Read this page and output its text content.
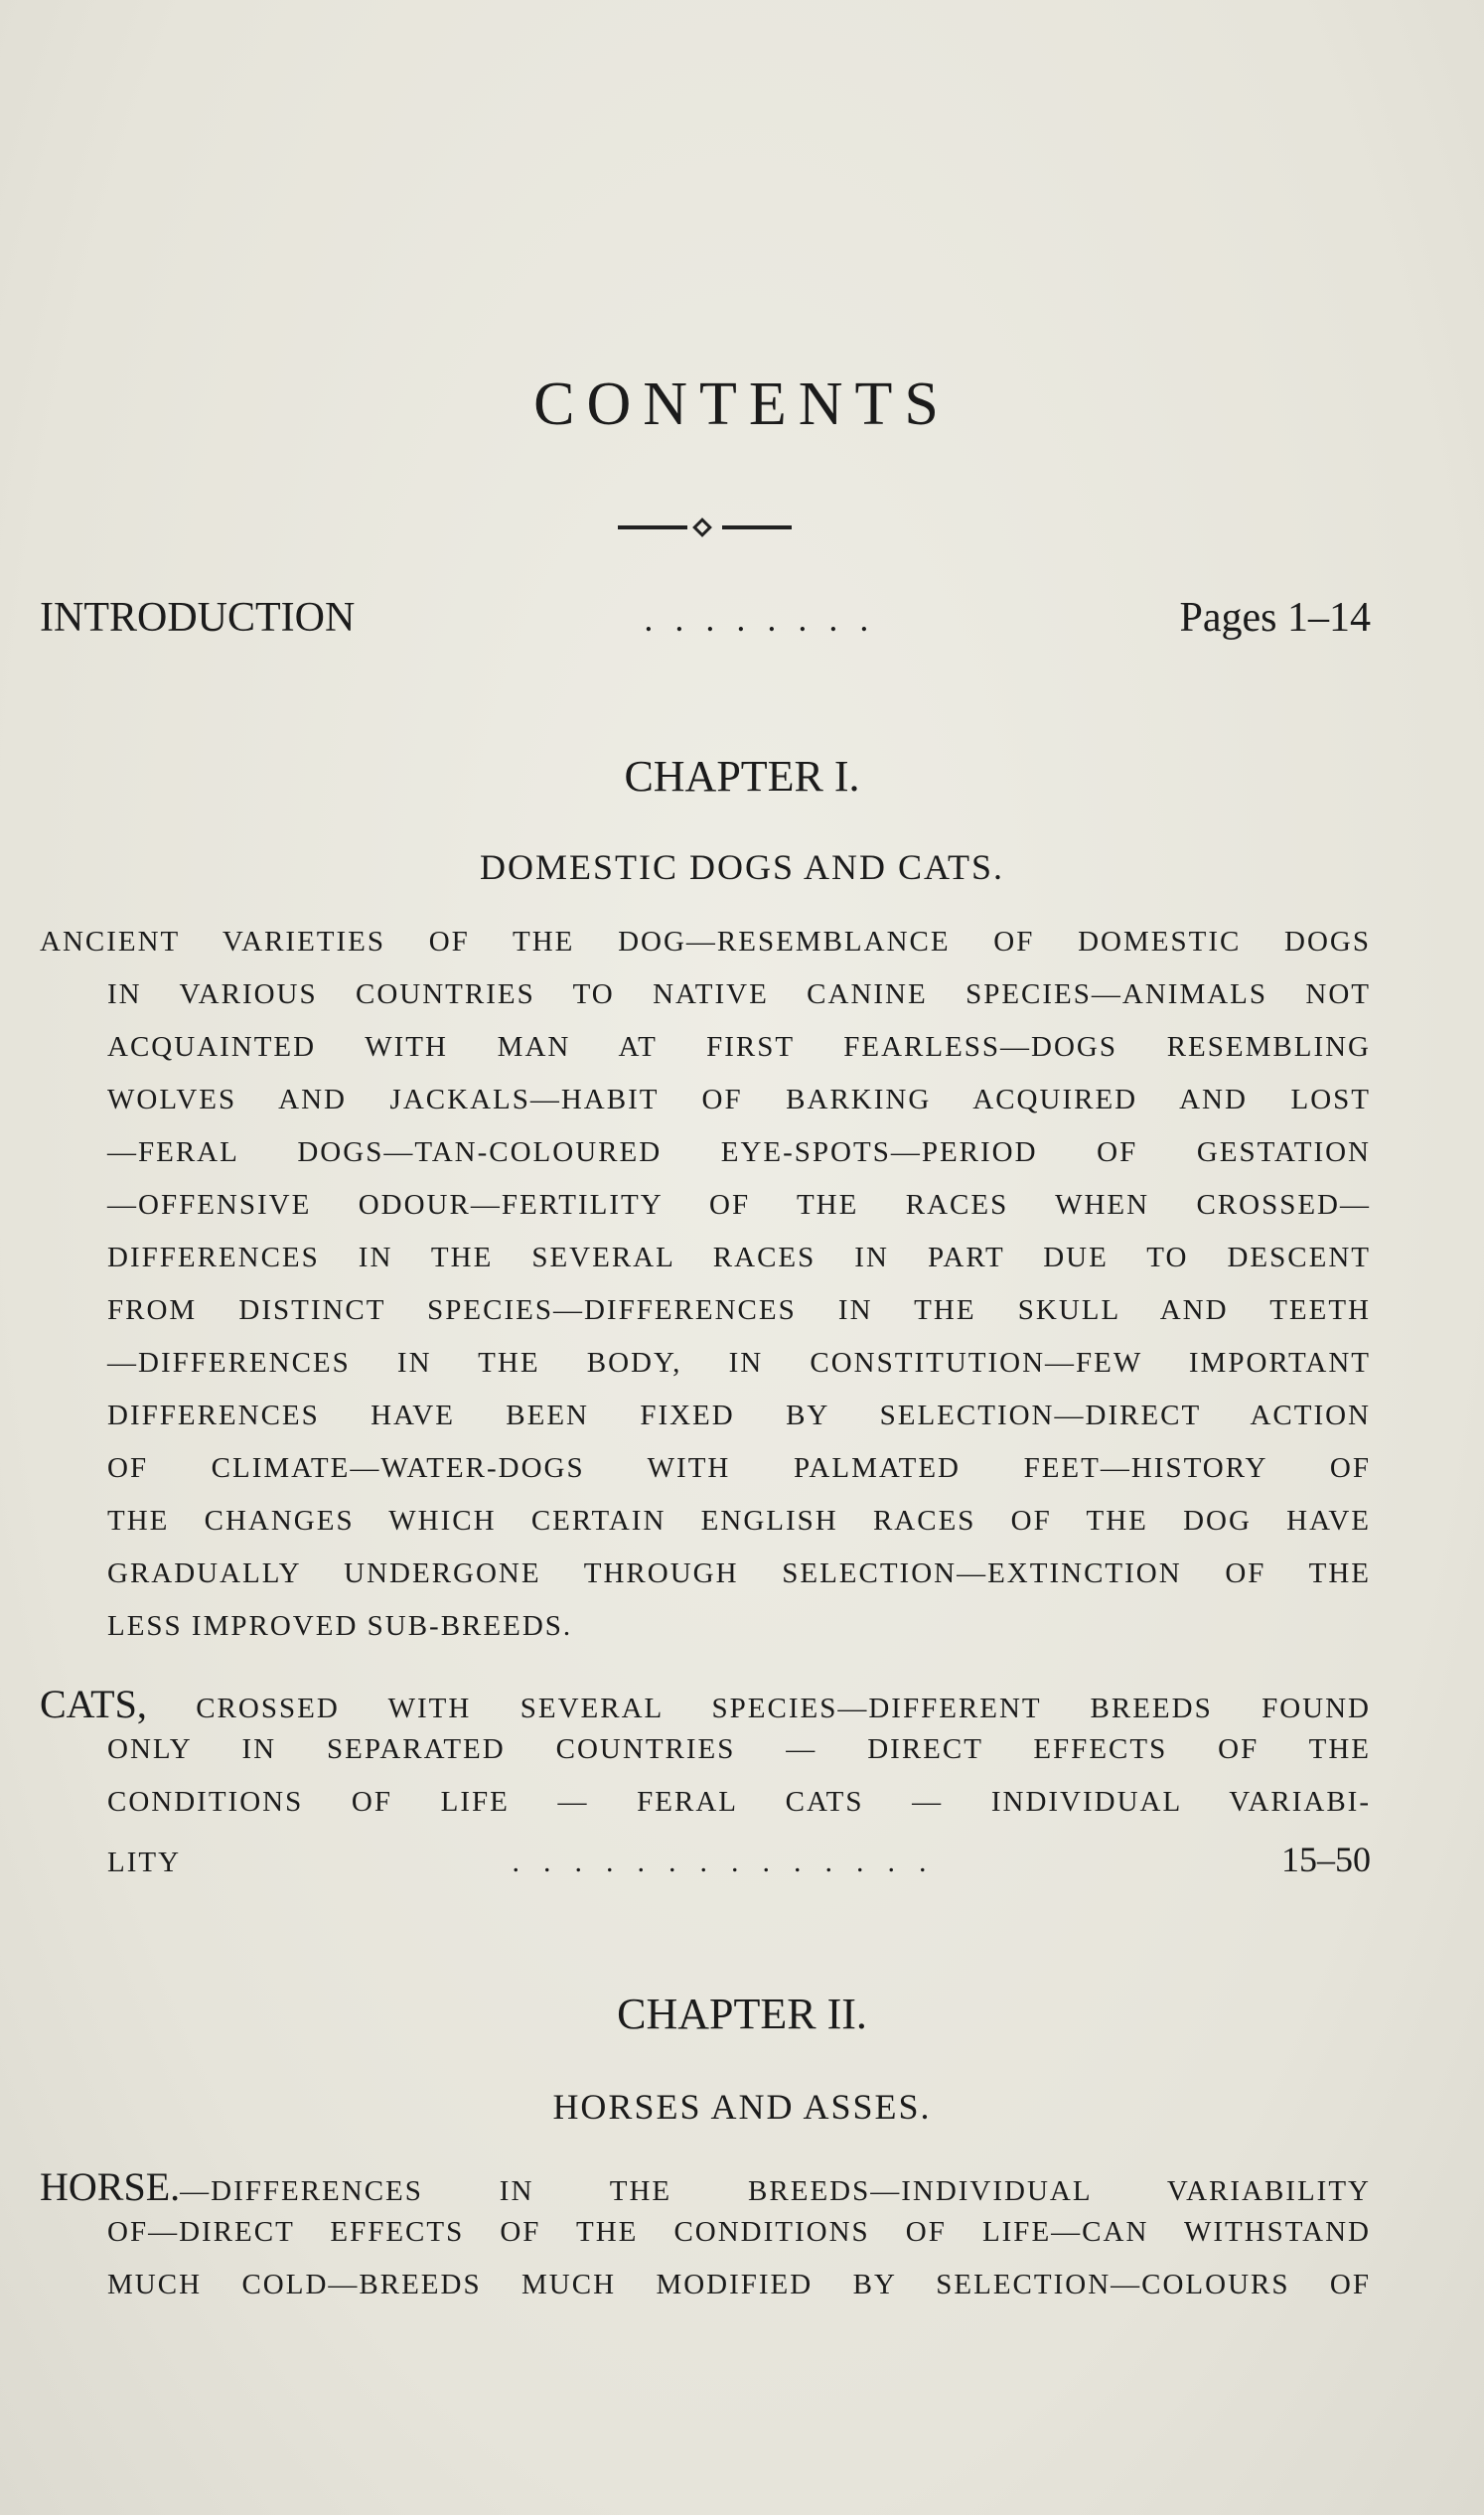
CONTENTS
INTRODUCTION	........	Pages 1–14
CHAPTER I.
DOMESTIC DOGS AND CATS.
ANCIENT VARIETIES OF THE DOG—RESEMBLANCE OF DOMESTIC DOGS
IN VARIOUS COUNTRIES TO NATIVE CANINE SPECIES—ANIMALS NOT
ACQUAINTED WITH MAN AT FIRST FEARLESS—DOGS RESEMBLING
WOLVES AND JACKALS—HABIT OF BARKING ACQUIRED AND LOST
—FERAL DOGS—TAN-COLOURED EYE-SPOTS—PERIOD OF GESTATION
—OFFENSIVE ODOUR—FERTILITY OF THE RACES WHEN CROSSED—
DIFFERENCES IN THE SEVERAL RACES IN PART DUE TO DESCENT
FROM DISTINCT SPECIES—DIFFERENCES IN THE SKULL AND TEETH
—DIFFERENCES IN THE BODY, IN CONSTITUTION—FEW IMPORTANT
DIFFERENCES HAVE BEEN FIXED BY SELECTION—DIRECT ACTION
OF CLIMATE—WATER-DOGS WITH PALMATED FEET—HISTORY OF
THE CHANGES WHICH CERTAIN ENGLISH RACES OF THE DOG HAVE
GRADUALLY UNDERGONE THROUGH SELECTION—EXTINCTION OF THE
LESS IMPROVED SUB-BREEDS.
CATS, CROSSED WITH SEVERAL SPECIES—DIFFERENT BREEDS FOUND
ONLY IN SEPARATED COUNTRIES — DIRECT EFFECTS OF THE
CONDITIONS OF LIFE — FERAL CATS — INDIVIDUAL VARIABI-
LITY	..............	15–50
CHAPTER II.
HORSES AND ASSES.
HORSE.—DIFFERENCES IN THE BREEDS—INDIVIDUAL VARIABILITY
OF—DIRECT EFFECTS OF THE CONDITIONS OF LIFE—CAN WITHSTAND
MUCH COLD—BREEDS MUCH MODIFIED BY SELECTION—COLOURS OF
